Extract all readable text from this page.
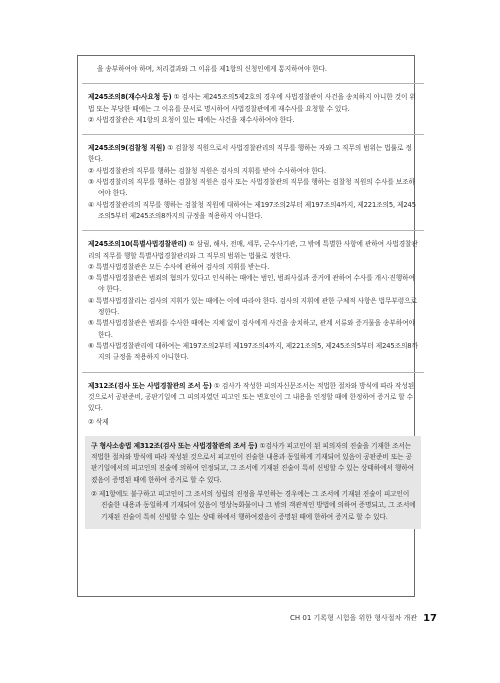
을 송부하여야 하며, 처리결과와 그 이유를 제1항의 신청인에게 통지하여야 한다.

제245조의8(재수사요청 등) ① 검사는 제245조의5제2호의 경우에 사법경찰관이 사건을 송치하지 아니한 것이 위법 또는 부당한 때에는 그 이유를 문서로 명시하여 사법경찰관에게 재수사를 요청할 수 있다.

② 사법경찰관은 제1항의 요청이 있는 때에는 사건을 재수사하여야 한다.

제245조의9(검찰청 직원) ① 검찰청 직원으로서 사법경찰관리의 직무를 행하는 자와 그 직무의 범위는 법률로 정한다.

② 사법경찰관의 직무를 행하는 검찰청 직원은 검사의 지휘를 받아 수사하여야 한다.

③ 사법경찰리의 직무를 행하는 검찰청 직원은 검사 또는 사법경찰관의 직무를 행하는 검찰청 직원의 수사를 보조하여야 한다.

④ 사법경찰관리의 직무를 행하는 검찰청 직원에 대하여는 제197조의2부터 제197조의4까지, 제221조의5, 제245조의5부터 제245조의8까지의 규정을 적용하지 아니한다.

제245조의10(특별사법경찰관리) ① 삼림, 해사, 전매, 세무, 군수사기관, 그 밖에 특별한 사항에 관하여 사법경찰관리의 직무를 행할 특별사법경찰관리와 그 직무의 범위는 법률로 정한다.

② 특별사법경찰관은 모든 수사에 관하여 검사의 지휘를 받는다.

③ 특별사법경찰관은 범죄의 혐의가 있다고 인식하는 때에는 범인, 범죄사실과 증거에 관하여 수사를 개시·진행하여야 한다.

④ 특별사법경찰리는 검사의 지휘가 있는 때에는 이에 따라야 한다. 검사의 지휘에 관한 구체적 사항은 법무부령으로 정한다.

⑤ 특별사법경찰관은 범죄를 수사한 때에는 지체 없이 검사에게 사건을 송치하고, 관계 서류와 증거물을 송부하여야 한다.

⑥ 특별사법경찰관리에 대하여는 제197조의2부터 제197조의4까지, 제221조의5, 제245조의5부터 제245조의8까지의 규정을 적용하지 아니한다.

제312조(검사 또는 사법경찰관의 조서 등) ① 검사가 작성한 피의자신문조서는 적법한 절차와 방식에 따라 작성된 것으로서 공판준비, 공판기일에 그 피의자였던 피고인 또는 변호인이 그 내용을 인정할 때에 한정하여 증거로 할 수 있다.

② 삭제

구 형사소송법 제312조(검사 또는 사법경찰관의 조서 등) ①검사가 피고인이 된 피의자의 진술을 기재한 조서는 적법한 절차와 방식에 따라 작성된 것으로서 피고인이 진술한 내용과 동일하게 기재되어 있음이 공판준비 또는 공판기일에서의 피고인의 진술에 의하여 인정되고, 그 조서에 기재된 진술이 특히 신빙할 수 있는 상태하에서 행하여졌음이 증명된 때에 한하여 증거로 할 수 있다.

② 제1항에도 불구하고 피고인이 그 조서의 성립의 진정을 부인하는 경우에는 그 조서에 기재된 진술이 피고인이 진술한 내용과 동일하게 기재되어 있음이 영상녹화물이나 그 밖의 객관적인 방법에 의하여 증명되고, 그 조서에 기재된 진술이 특히 신빙할 수 있는 상태 하에서 행하여졌음이 증명된 때에 한하여 증거로 할 수 있다.

CH 01 기록형 시험을 위한 형사절차 개관 17
